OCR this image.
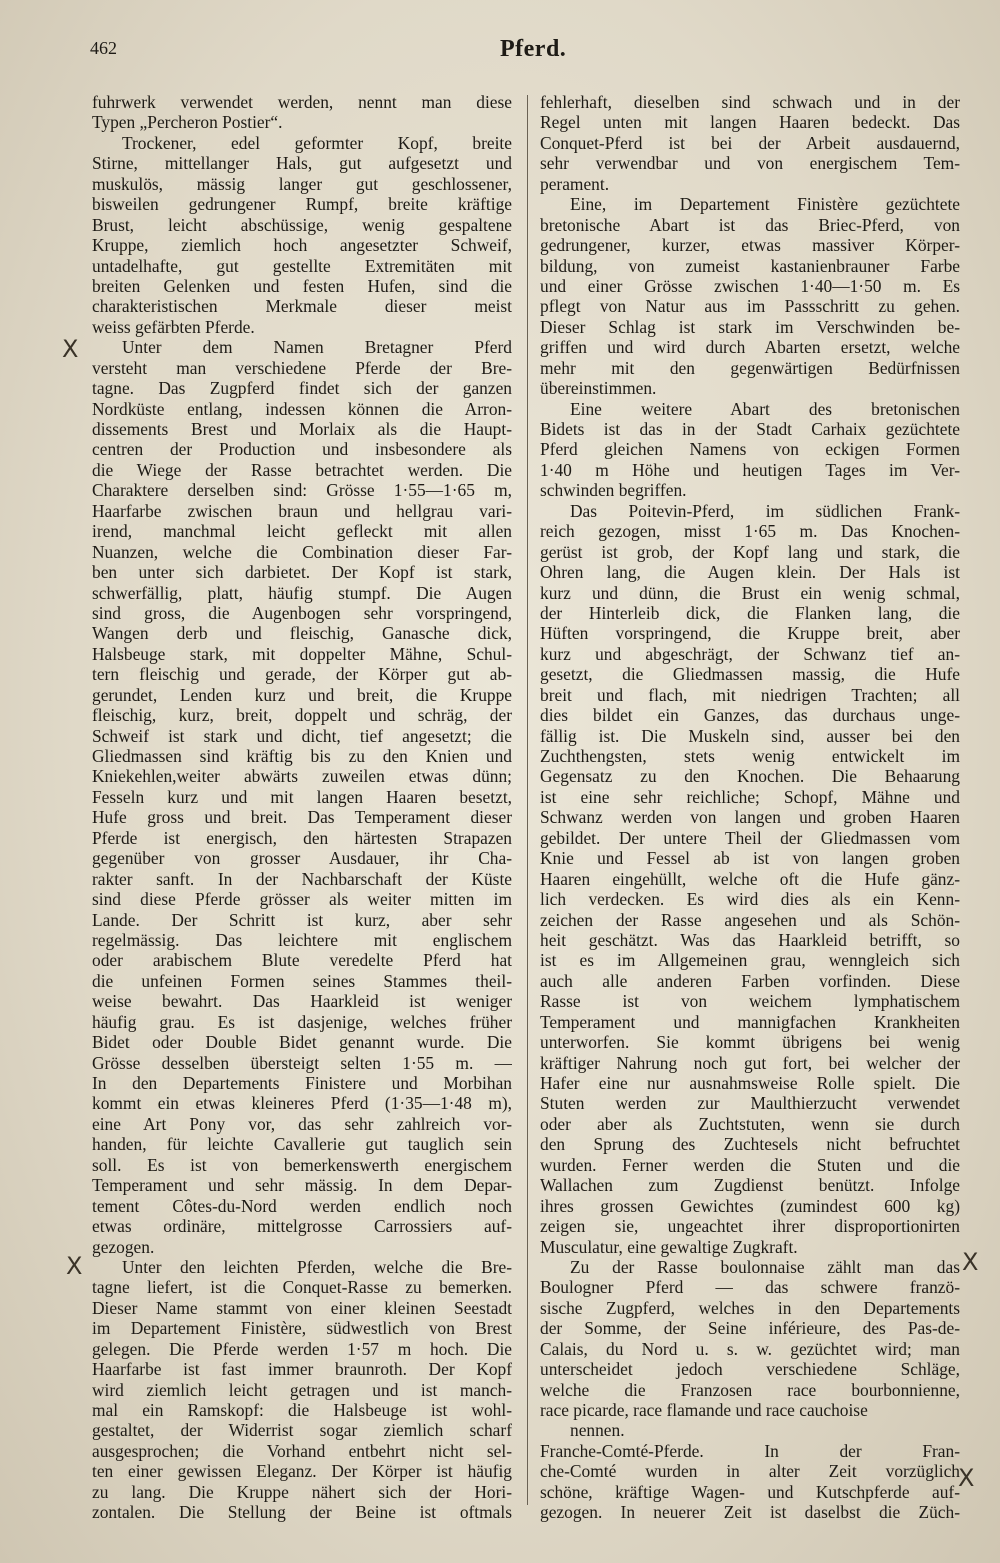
462	Pferd.
fuhrwerk verwendet werden, nennt man diese
Typen „Percheron Postier“.
Trockener, edel geformter Kopf, breite
Stirne, mittellanger Hals, gut aufgesetzt und
muskulös, mässig langer gut geschlossener,
bisweilen gedrungener Rumpf, breite kräftige
Brust, leicht abschüssige, wenig gespaltene
Kruppe, ziemlich hoch angesetzter Schweif,
untadelhafte, gut gestellte Extremitäten mit
breiten Gelenken und festen Hufen, sind die
charakteristischen Merkmale dieser meist
weiss gefärbten Pferde.
Unter dem Namen Bretagner Pferd
versteht man verschiedene Pferde der Bre-
tagne. Das Zugpferd findet sich der ganzen
Nordküste entlang, indessen können die Arron-
dissements Brest und Morlaix als die Haupt-
centren der Production und insbesondere als
die Wiege der Rasse betrachtet werden. Die
Charaktere derselben sind: Grösse 1·55—1·65 m,
Haarfarbe zwischen braun und hellgrau vari-
irend, manchmal leicht gefleckt mit allen
Nuanzen, welche die Combination dieser Far-
ben unter sich darbietet. Der Kopf ist stark,
schwerfällig, platt, häufig stumpf. Die Augen
sind gross, die Augenbogen sehr vorspringend,
Wangen derb und fleischig, Ganasche dick,
Halsbeuge stark, mit doppelter Mähne, Schul-
tern fleischig und gerade, der Körper gut ab-
gerundet, Lenden kurz und breit, die Kruppe
fleischig, kurz, breit, doppelt und schräg, der
Schweif ist stark und dicht, tief angesetzt; die
Gliedmassen sind kräftig bis zu den Knien und
Kniekehlen,weiter abwärts zuweilen etwas dünn;
Fesseln kurz und mit langen Haaren besetzt,
Hufe gross und breit. Das Temperament dieser
Pferde ist energisch, den härtesten Strapazen
gegenüber von grosser Ausdauer, ihr Cha-
rakter sanft. In der Nachbarschaft der Küste
sind diese Pferde grösser als weiter mitten im
Lande. Der Schritt ist kurz, aber sehr
regelmässig. Das leichtere mit englischem
oder arabischem Blute veredelte Pferd hat
die unfeinen Formen seines Stammes theil-
weise bewahrt. Das Haarkleid ist weniger
häufig grau. Es ist dasjenige, welches früher
Bidet oder Double Bidet genannt wurde. Die
Grösse desselben übersteigt selten 1·55 m. —
In den Departements Finistere und Morbihan
kommt ein etwas kleineres Pferd (1·35—1·48 m),
eine Art Pony vor, das sehr zahlreich vor-
handen, für leichte Cavallerie gut tauglich sein
soll. Es ist von bemerkenswerth energischem
Temperament und sehr mässig. In dem Depar-
tement Côtes-du-Nord werden endlich noch
etwas ordinäre, mittelgrosse Carrossiers auf-
gezogen.
Unter den leichten Pferden, welche die Bre-
tagne liefert, ist die Conquet-Rasse zu bemerken.
Dieser Name stammt von einer kleinen Seestadt
im Departement Finistère, südwestlich von Brest
gelegen. Die Pferde werden 1·57 m hoch. Die
Haarfarbe ist fast immer braunroth. Der Kopf
wird ziemlich leicht getragen und ist manch-
mal ein Ramskopf: die Halsbeuge ist wohl-
gestaltet, der Widerrist sogar ziemlich scharf
ausgesprochen; die Vorhand entbehrt nicht sel-
ten einer gewissen Eleganz. Der Körper ist häufig
zu lang. Die Kruppe nähert sich der Hori-
zontalen. Die Stellung der Beine ist oftmals
fehlerhaft, dieselben sind schwach und in der
Regel unten mit langen Haaren bedeckt. Das
Conquet-Pferd ist bei der Arbeit ausdauernd,
sehr verwendbar und von energischem Tem-
perament.
Eine, im Departement Finistère gezüchtete
bretonische Abart ist das Briec-Pferd, von
gedrungener, kurzer, etwas massiver Körper-
bildung, von zumeist kastanienbrauner Farbe
und einer Grösse zwischen 1·40—1·50 m. Es
pflegt von Natur aus im Passschritt zu gehen.
Dieser Schlag ist stark im Verschwinden be-
griffen und wird durch Abarten ersetzt, welche
mehr mit den gegenwärtigen Bedürfnissen
übereinstimmen.
Eine weitere Abart des bretonischen
Bidets ist das in der Stadt Carhaix gezüchtete
Pferd gleichen Namens von eckigen Formen
1·40 m Höhe und heutigen Tages im Ver-
schwinden begriffen.
Das Poitevin-Pferd, im südlichen Frank-
reich gezogen, misst 1·65 m. Das Knochen-
gerüst ist grob, der Kopf lang und stark, die
Ohren lang, die Augen klein. Der Hals ist
kurz und dünn, die Brust ein wenig schmal,
der Hinterleib dick, die Flanken lang, die
Hüften vorspringend, die Kruppe breit, aber
kurz und abgeschrägt, der Schwanz tief an-
gesetzt, die Gliedmassen massig, die Hufe
breit und flach, mit niedrigen Trachten; all
dies bildet ein Ganzes, das durchaus unge-
fällig ist. Die Muskeln sind, ausser bei den
Zuchthengsten, stets wenig entwickelt im
Gegensatz zu den Knochen. Die Behaarung
ist eine sehr reichliche; Schopf, Mähne und
Schwanz werden von langen und groben Haaren
gebildet. Der untere Theil der Gliedmassen vom
Knie und Fessel ab ist von langen groben
Haaren eingehüllt, welche oft die Hufe gänz-
lich verdecken. Es wird dies als ein Kenn-
zeichen der Rasse angesehen und als Schön-
heit geschätzt. Was das Haarkleid betrifft, so
ist es im Allgemeinen grau, wenngleich sich
auch alle anderen Farben vorfinden. Diese
Rasse ist von weichem lymphatischem
Temperament und mannigfachen Krankheiten
unterworfen. Sie kommt übrigens bei wenig
kräftiger Nahrung noch gut fort, bei welcher der
Hafer eine nur ausnahmsweise Rolle spielt. Die
Stuten werden zur Maulthierzucht verwendet
oder aber als Zuchtstuten, wenn sie durch
den Sprung des Zuchtesels nicht befruchtet
wurden. Ferner werden die Stuten und die
Wallachen zum Zugdienst benützt. Infolge
ihres grossen Gewichtes (zumindest 600 kg)
zeigen sie, ungeachtet ihrer disproportionirten
Musculatur, eine gewaltige Zugkraft.
Zu der Rasse boulonnaise zählt man das
Boulogner Pferd — das schwere franzö-
sische Zugpferd, welches in den Departements
der Somme, der Seine inférieure, des Pas-de-
Calais, du Nord u. s. w. gezüchtet wird; man
unterscheidet jedoch verschiedene Schläge,
welche die Franzosen race bourbonnienne,
race picarde, race flamande und race cauchoise
nennen.
Franche-Comté-Pferde. In der Fran-
che-Comté wurden in alter Zeit vorzüglich
schöne, kräftige Wagen- und Kutschpferde auf-
gezogen. In neuerer Zeit ist daselbst die Züch-
X
X	X
X
